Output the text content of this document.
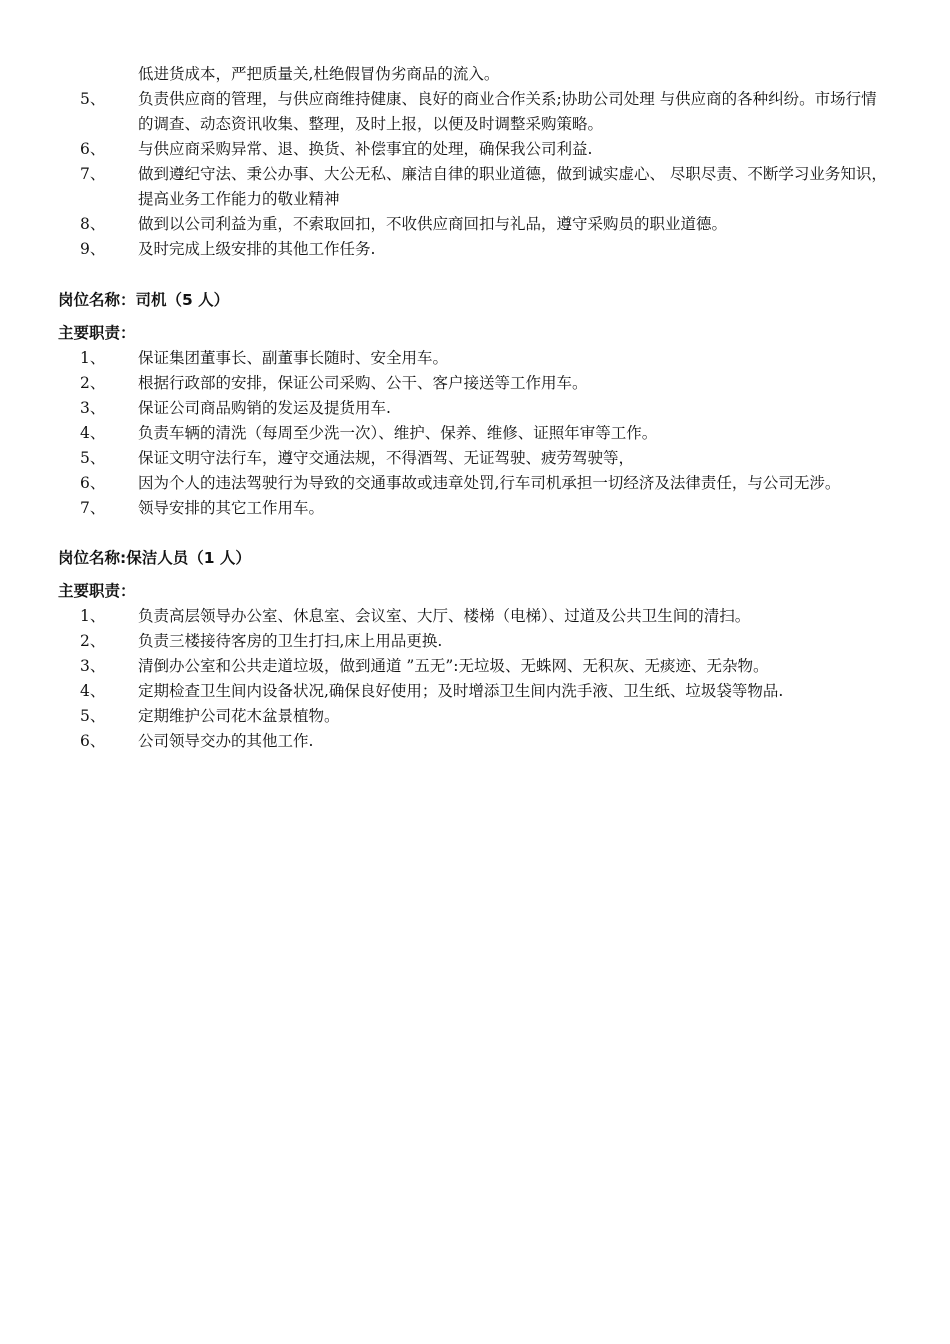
低进货成本，严把质量关,杜绝假冒伪劣商品的流入。
5、	负责供应商的管理，与供应商维持健康、良好的商业合作关系;协助公司处理 与供应商的各种纠纷。市场行情的调查、动态资讯收集、整理，及时上报，以便及时调整采购策略。
6、	与供应商采购异常、退、换货、补偿事宜的处理，确保我公司利益.
7、	做到遵纪守法、秉公办事、大公无私、廉洁自律的职业道德，做到诚实虚心、 尽职尽责、不断学习业务知识，提高业务工作能力的敬业精神
8、	做到以公司利益为重，不索取回扣，不收供应商回扣与礼品，遵守采购员的职业道德。
9、	及时完成上级安排的其他工作任务.
岗位名称：司机（5 人）
主要职责：
1、	保证集团董事长、副董事长随时、安全用车。
2、	根据行政部的安排，保证公司采购、公干、客户接送等工作用车。
3、	保证公司商品购销的发运及提货用车.
4、	负责车辆的清洗（每周至少洗一次）、维护、保养、维修、证照年审等工作。
5、	保证文明守法行车，遵守交通法规，不得酒驾、无证驾驶、疲劳驾驶等，
6、	因为个人的违法驾驶行为导致的交通事故或违章处罚,行车司机承担一切经济及法律责任，与公司无涉。
7、	领导安排的其它工作用车。
岗位名称:保洁人员（1 人）
主要职责：
1、	负责高层领导办公室、休息室、会议室、大厅、楼梯（电梯）、过道及公共卫生间的清扫。
2、	负责三楼接待客房的卫生打扫,床上用品更换.
3、	清倒办公室和公共走道垃圾，做到通道 ”五无”:无垃圾、无蛛网、无积灰、无痰迹、无杂物。
4、	定期检查卫生间内设备状况,确保良好使用；及时增添卫生间内洗手液、卫生纸、垃圾袋等物品.
5、	定期维护公司花木盆景植物。
6、	公司领导交办的其他工作.
